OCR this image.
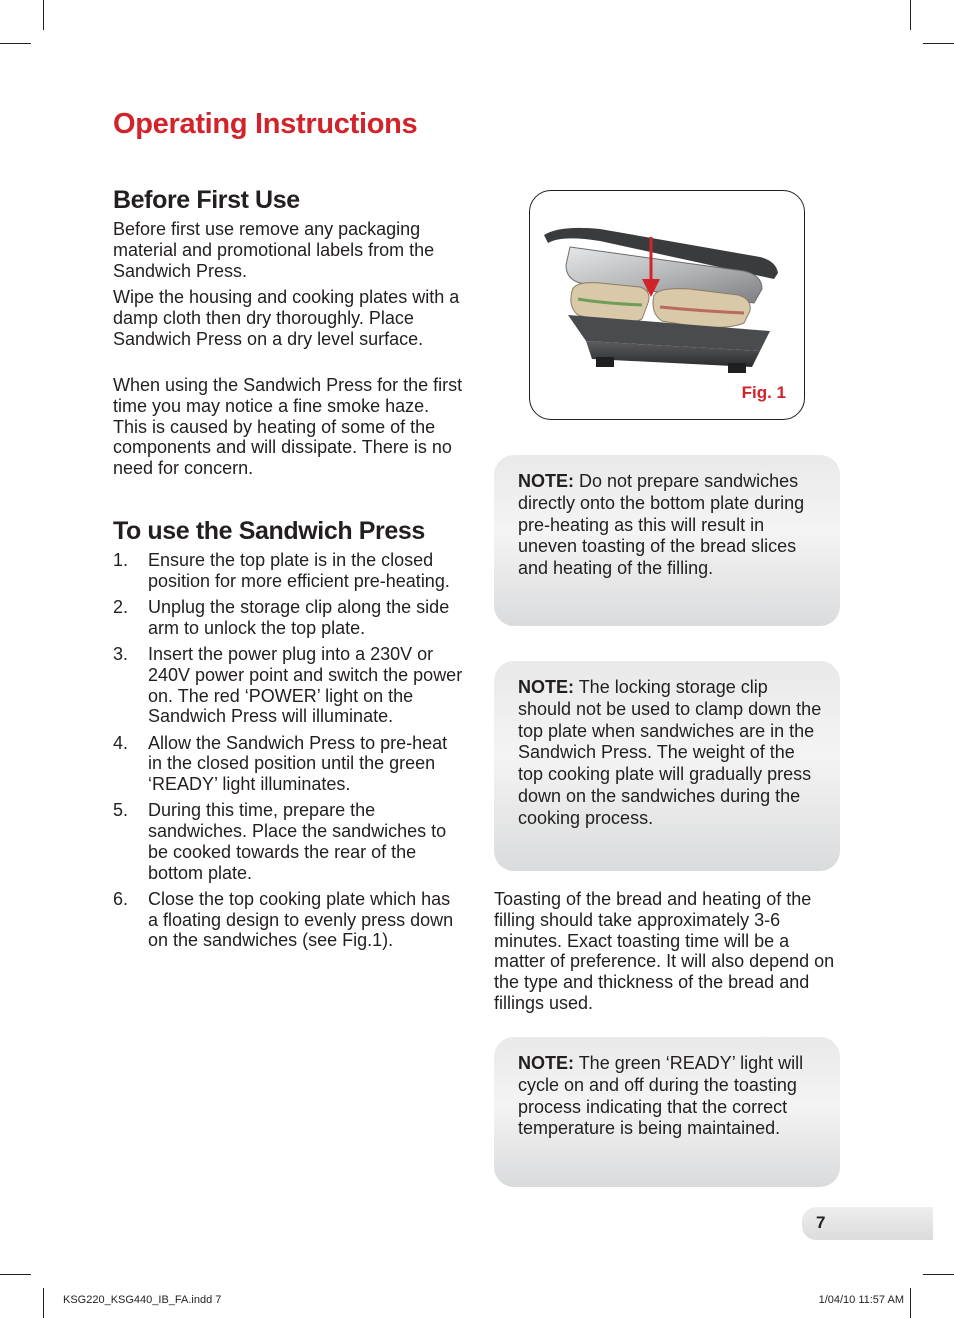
Operating Instructions
Before First Use

Before first use remove any packaging material and promotional labels from the Sandwich Press.

Wipe the housing and cooking plates with a damp cloth then dry thoroughly. Place Sandwich Press on a dry level surface.

When using the Sandwich Press for the first time you may notice a fine smoke haze. This is caused by heating of some of the components and will dissipate. There is no need for concern.

To use the Sandwich Press
1.	Ensure the top plate is in the closed position for more efficient pre-heating.
2.	Unplug the storage clip along the side arm to unlock the top plate.
3.	Insert the power plug into a 230V or 240V power point and switch the power on. The red ‘POWER’ light on the Sandwich Press will illuminate.
4.	Allow the Sandwich Press to pre-heat in the closed position until the green ‘READY’ light illuminates.
5.	During this time, prepare the sandwiches. Place the sandwiches to be cooked towards the rear of the bottom plate.
6.	Close the top cooking plate which has a floating design to evenly press down on the sandwiches (see Fig.1).
Fig. 1

NOTE: Do not prepare sandwiches directly onto the bottom plate during pre-heating as this will result in uneven toasting of the bread slices and heating of the filling.

NOTE: The locking storage clip should not be used to clamp down the top plate when sandwiches are in the Sandwich Press. The weight of the top cooking plate will gradually press down on the sandwiches during the cooking process.

Toasting of the bread and heating of the filling should take approximately 3-6 minutes. Exact toasting time will be a matter of preference. It will also depend on the type and thickness of the bread and fillings used.

NOTE: The green ‘READY’ light will cycle on and off during the toasting process indicating that the correct temperature is being maintained.

7
KSG220_KSG440_IB_FA.indd 7	1/04/10 11:57 AM
